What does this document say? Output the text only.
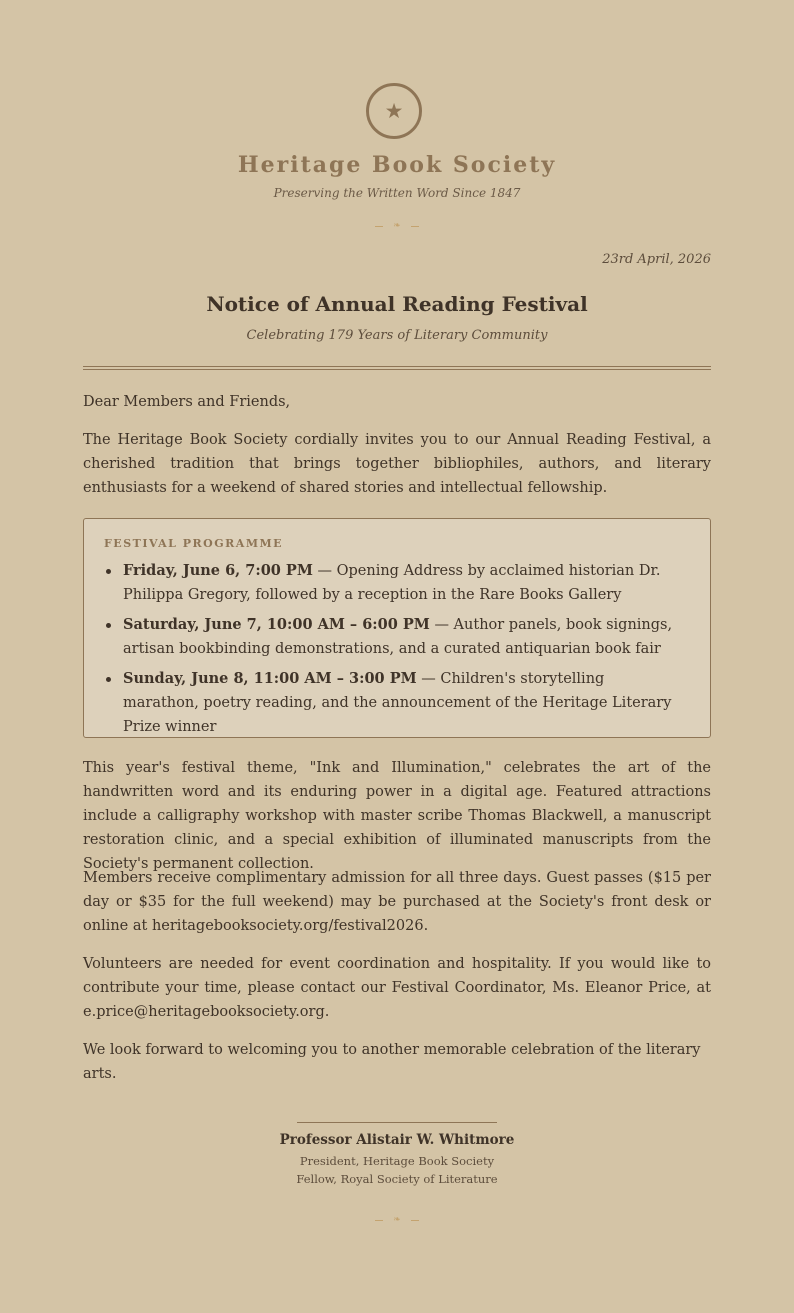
★
Heritage Book Society
Preserving the Written Word Since 1847
❧
23rd April, 2026
Notice of Annual Reading Festival
Celebrating 179 Years of Literary Community

Dear Members and Friends,

The Heritage Book Society cordially invites you to our Annual Reading Festival, a cherished tradition that brings together bibliophiles, authors, and literary enthusiasts for a weekend of shared stories and intellectual fellowship.

FESTIVAL PROGRAMME
Friday, June 6, 7:00 PM — Opening Address by acclaimed historian Dr. Philippa Gregory, followed by a reception in the Rare Books Gallery
Saturday, June 7, 10:00 AM – 6:00 PM — Author panels, book signings, artisan bookbinding demonstrations, and a curated antiquarian book fair
Sunday, June 8, 11:00 AM – 3:00 PM — Children's storytelling marathon, poetry reading, and the announcement of the Heritage Literary Prize winner

This year's festival theme, "Ink and Illumination," celebrates the art of the handwritten word and its enduring power in a digital age. Featured attractions include a calligraphy workshop with master scribe Thomas Blackwell, a manuscript restoration clinic, and a special exhibition of illuminated manuscripts from the Society's permanent collection.

Members receive complimentary admission for all three days. Guest passes ($15 per day or $35 for the full weekend) may be purchased at the Society's front desk or online at heritagebooksociety.org/festival2026.

Volunteers are needed for event coordination and hospitality. If you would like to contribute your time, please contact our Festival Coordinator, Ms. Eleanor Price, at e.price@heritagebooksociety.org.

We look forward to welcoming you to another memorable celebration of the literary arts.

Professor Alistair W. Whitmore
President, Heritage Book Society
Fellow, Royal Society of Literature
❧
